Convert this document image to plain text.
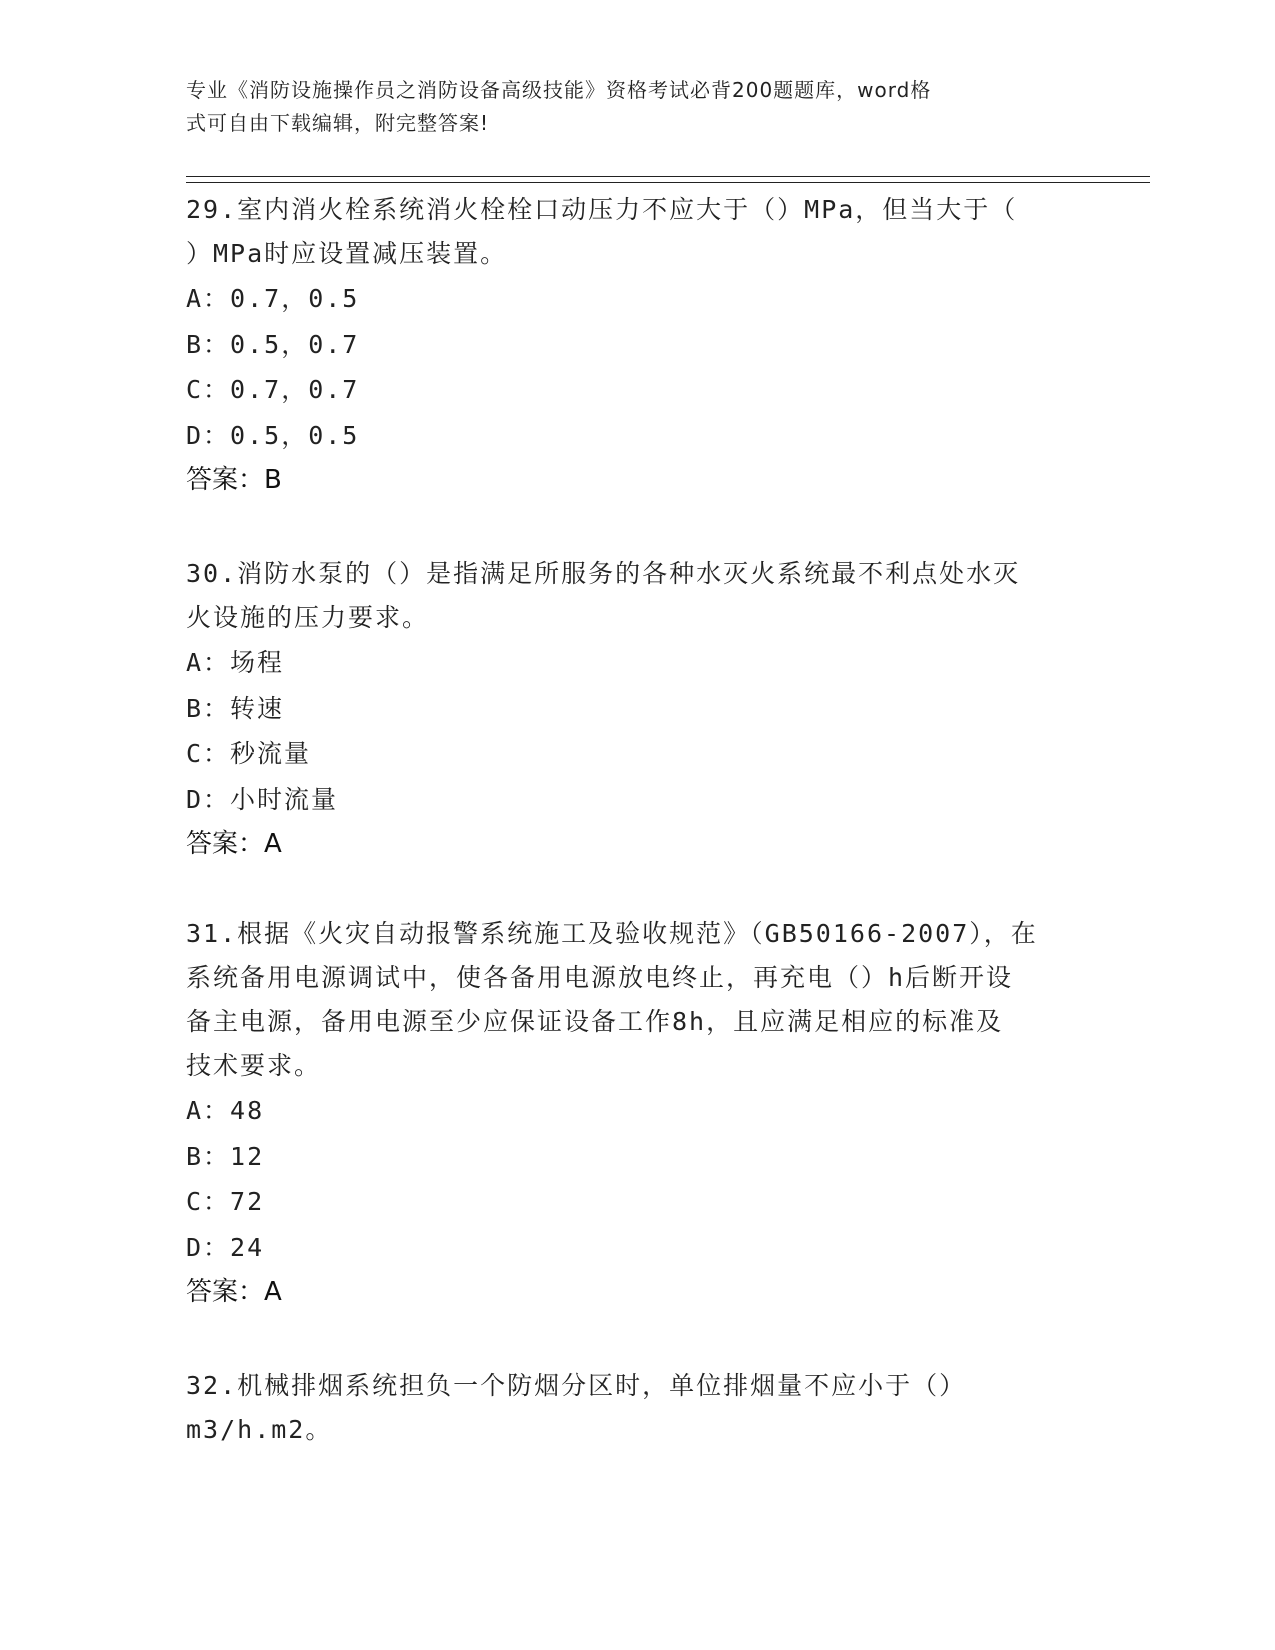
专业《消防设施操作员之消防设备高级技能》资格考试必背200题题库，word格
式可自由下载编辑，附完整答案!

29.室内消火栓系统消火栓栓口动压力不应大于（）MPa，但当大于（

）MPa时应设置减压装置。

A：0.7，0.5

B：0.5，0.7

C：0.7，0.7

D：0.5，0.5

答案：B

30.消防水泵的（）是指满足所服务的各种水灭火系统最不利点处水灭

火设施的压力要求。

A：场程

B：转速

C：秒流量

D：小时流量

答案：A

31.根据《火灾自动报警系统施工及验收规范》（GB50166-2007），在

系统备用电源调试中，使各备用电源放电终止，再充电（）h后断开设

备主电源，备用电源至少应保证设备工作8h，且应满足相应的标准及

技术要求。

A：48

B：12

C：72

D：24

答案：A

32.机械排烟系统担负一个防烟分区时，单位排烟量不应小于（）

m3/h.m2。
